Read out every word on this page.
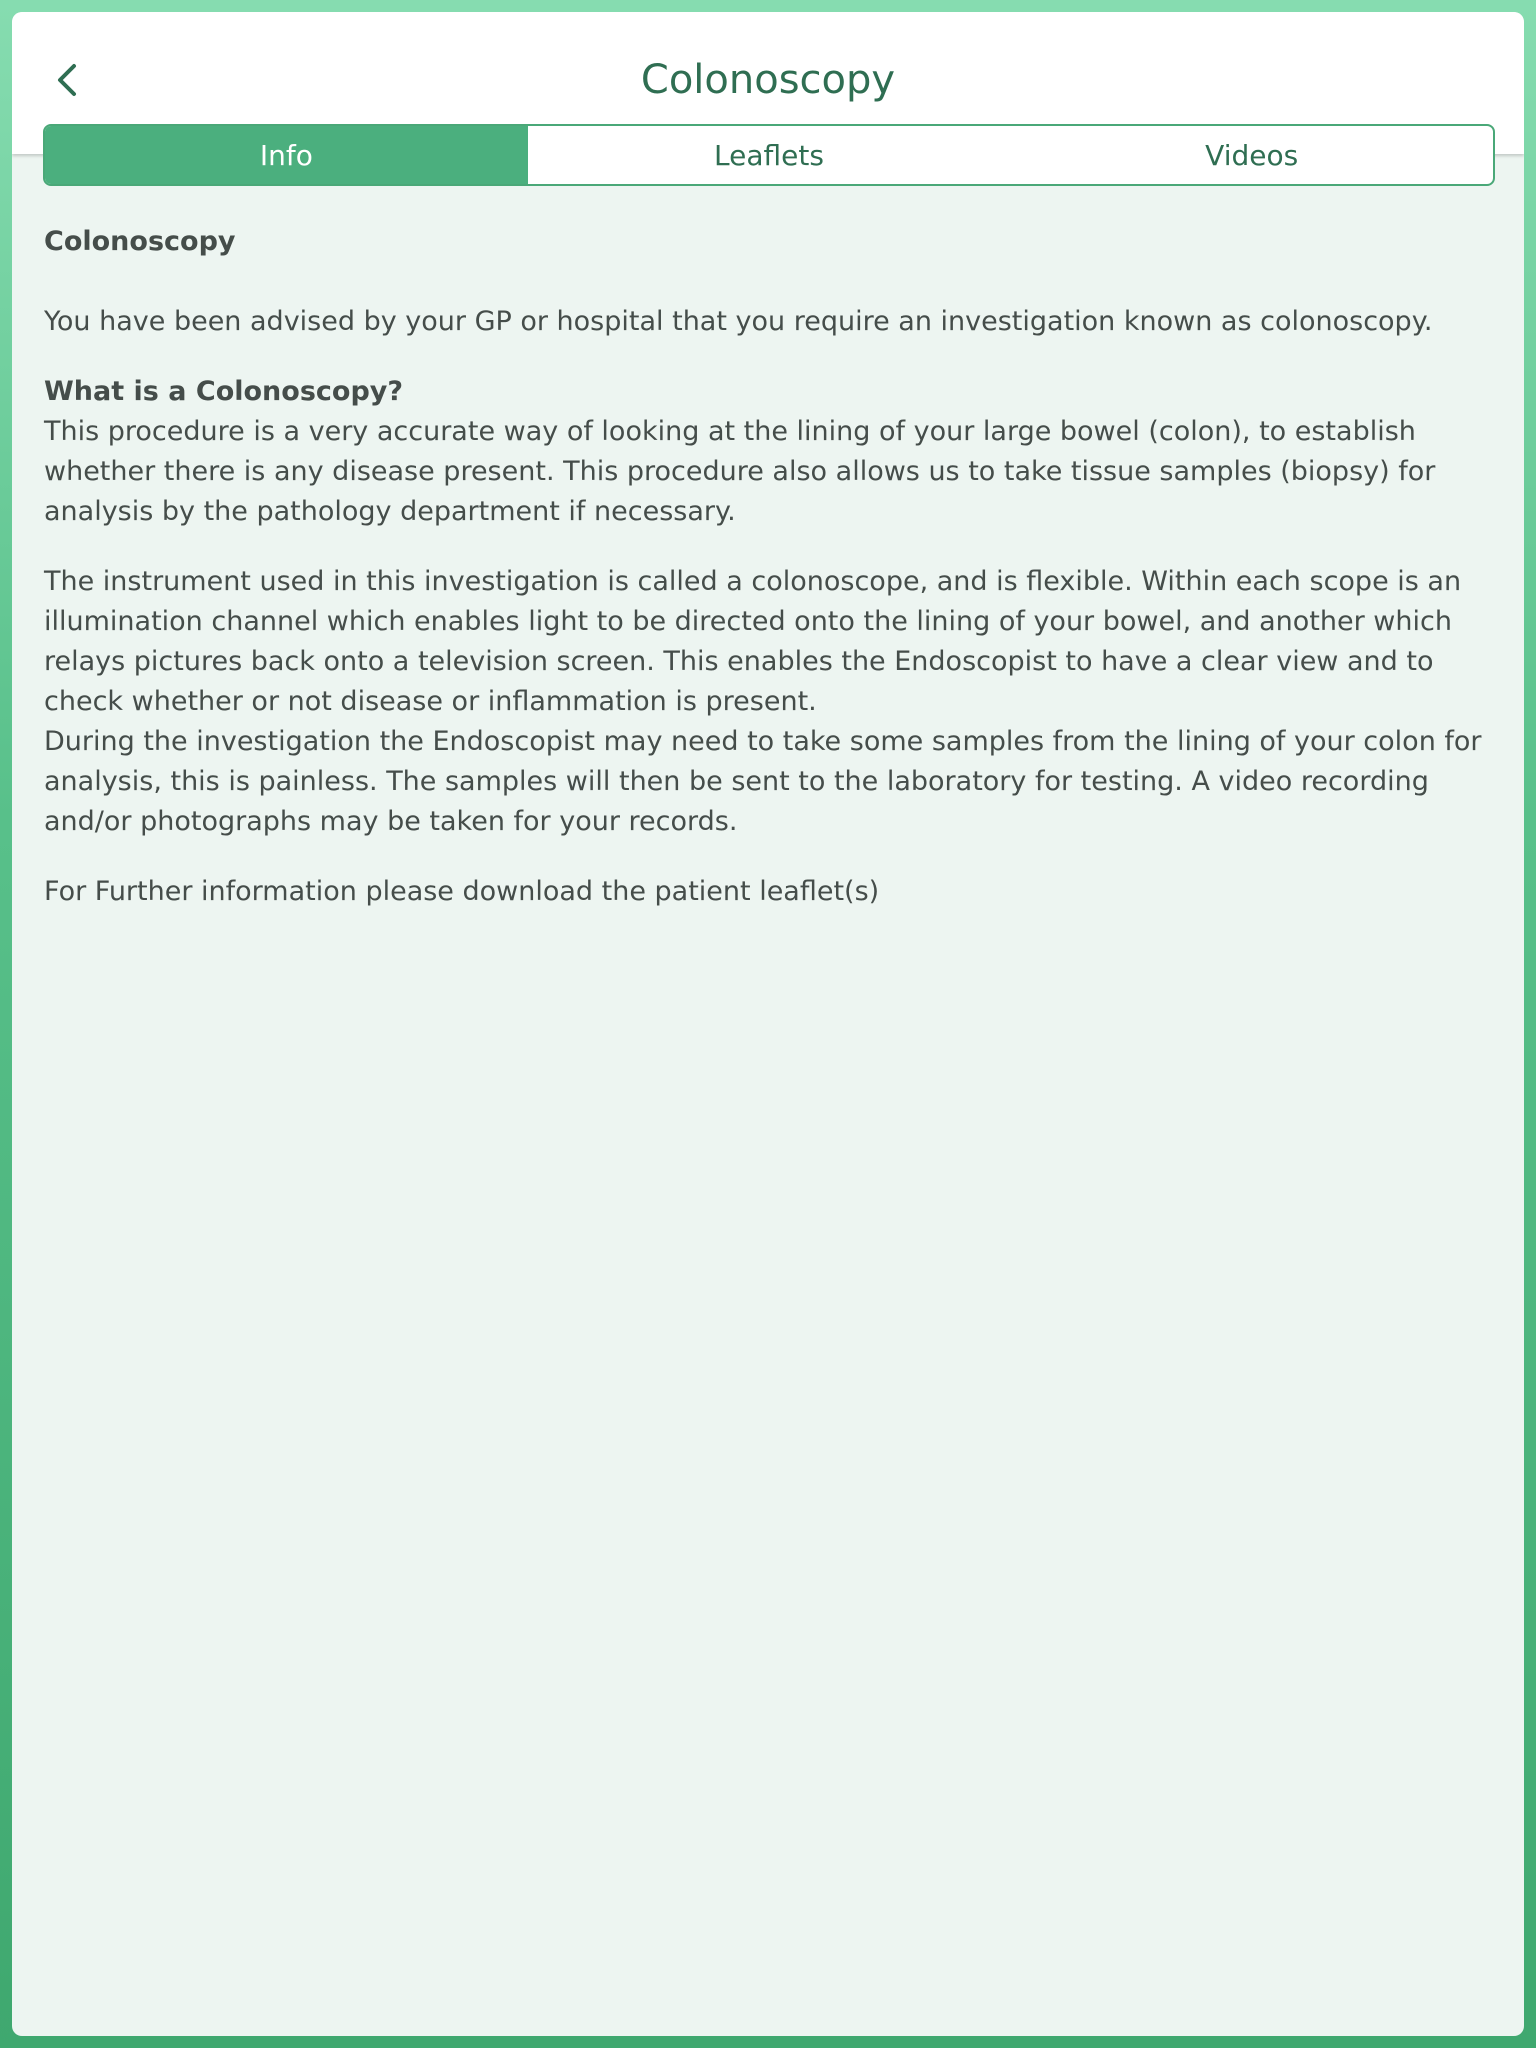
Colonoscopy
Info	Leaflets	Videos

Colonoscopy

You have been advised by your GP or hospital that you require an investigation known as colonoscopy.

What is a Colonoscopy?
This procedure is a very accurate way of looking at the lining of your large bowel (colon), to establish whether there is any disease present. This procedure also allows us to take tissue samples (biopsy) for analysis by the pathology department if necessary.

The instrument used in this investigation is called a colonoscope, and is flexible. Within each scope is an illumination channel which enables light to be directed onto the lining of your bowel, and another which relays pictures back onto a television screen. This enables the Endoscopist to have a clear view and to check whether or not disease or inflammation is present.
During the investigation the Endoscopist may need to take some samples from the lining of your colon for analysis, this is painless. The samples will then be sent to the laboratory for testing. A video recording and/or photographs may be taken for your records.

For Further information please download the patient leaflet(s)
